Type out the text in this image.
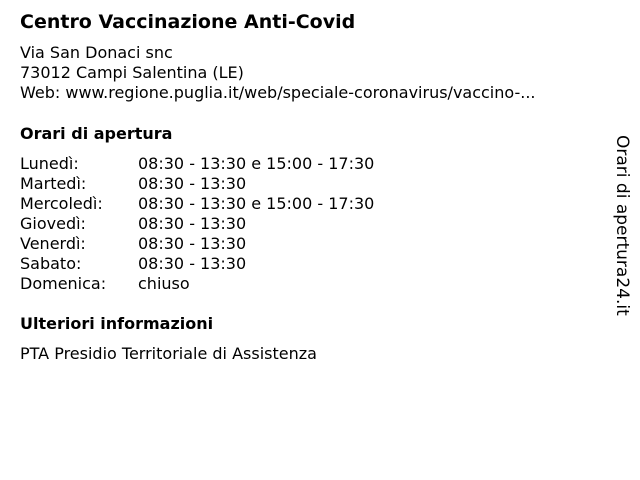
Centro Vaccinazione Anti-Covid
Via San Donaci snc
73012 Campi Salentina (LE)
Web: www.regione.puglia.it/web/speciale-coronavirus/vaccino-...
Orari di apertura
Lunedì:	08:30 - 13:30 e 15:00 - 17:30
Martedì:	08:30 - 13:30
Mercoledì: 08:30 - 13:30 e 15:00 - 17:30
Giovedì:	08:30 - 13:30
Venerdì:	08:30 - 13:30
Sabato:	08:30 - 13:30
Domenica: chiuso
Ulteriori informazioni
PTA Presidio Territoriale di Assistenza
Orari di apertura24.it
